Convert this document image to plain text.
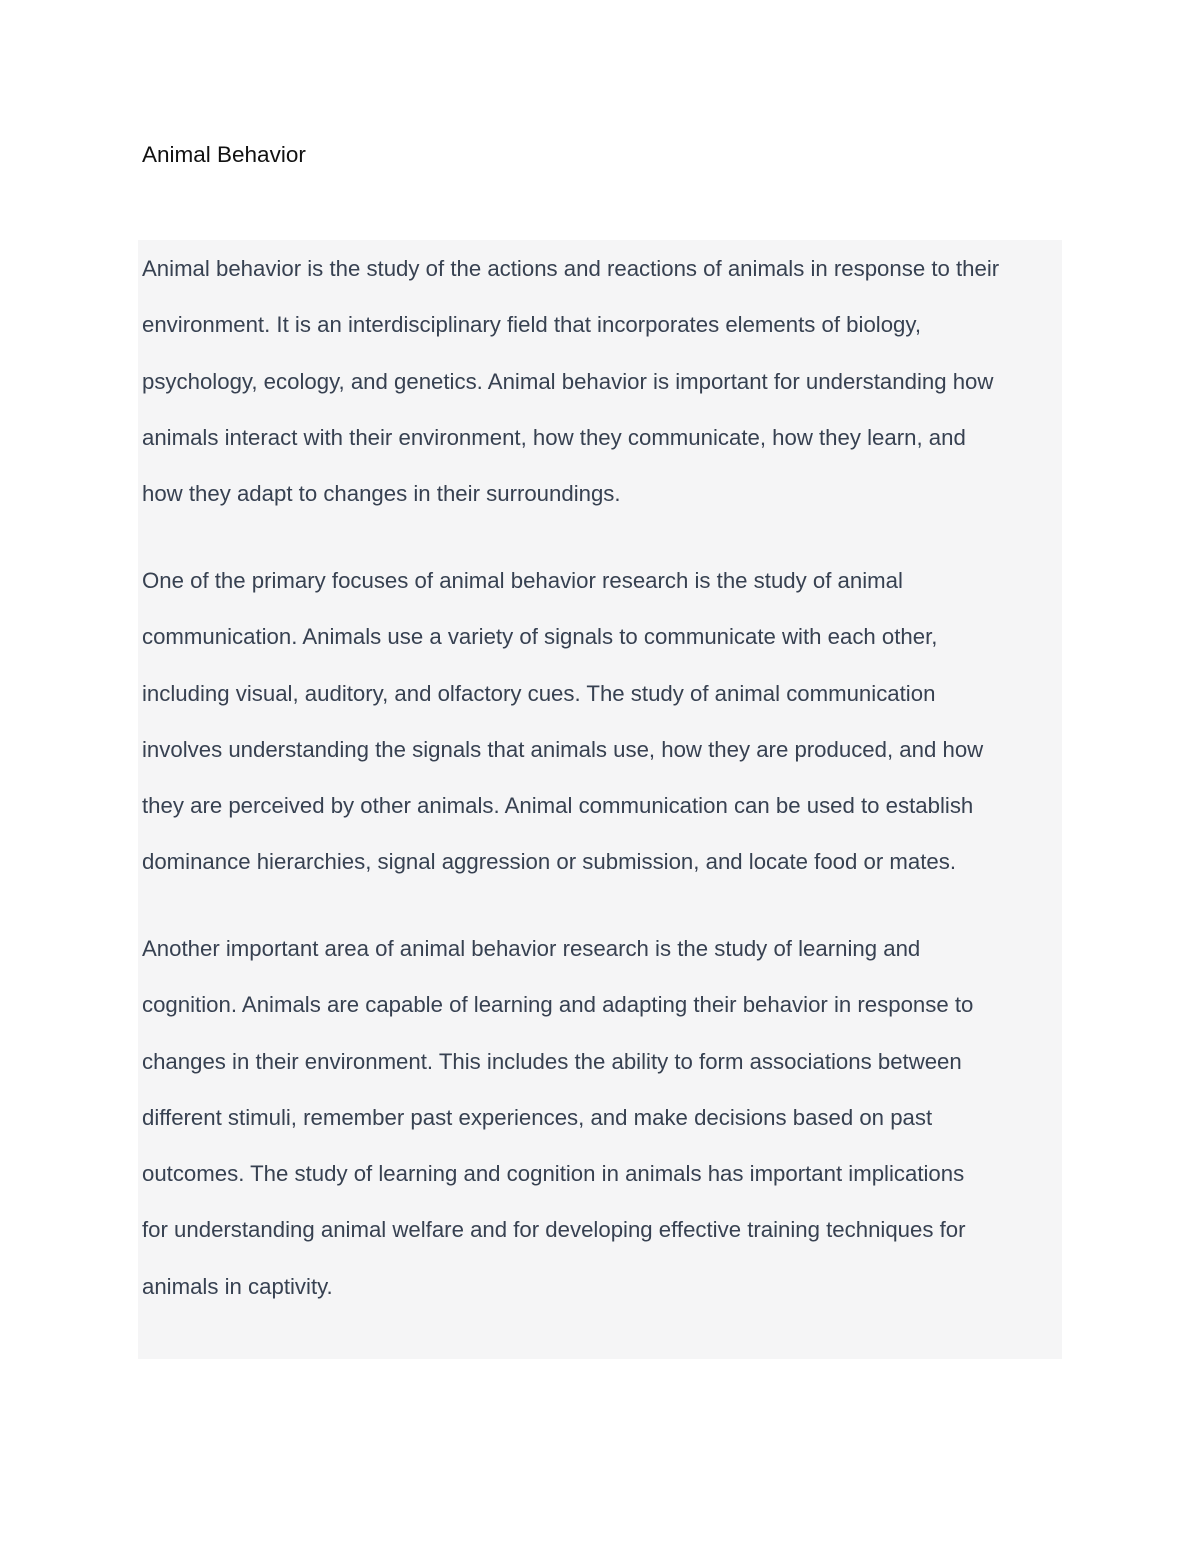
Animal Behavior

Animal behavior is the study of the actions and reactions of animals in response to their
environment. It is an interdisciplinary field that incorporates elements of biology,
psychology, ecology, and genetics. Animal behavior is important for understanding how
animals interact with their environment, how they communicate, how they learn, and
how they adapt to changes in their surroundings.

One of the primary focuses of animal behavior research is the study of animal
communication. Animals use a variety of signals to communicate with each other,
including visual, auditory, and olfactory cues. The study of animal communication
involves understanding the signals that animals use, how they are produced, and how
they are perceived by other animals. Animal communication can be used to establish
dominance hierarchies, signal aggression or submission, and locate food or mates.

Another important area of animal behavior research is the study of learning and
cognition. Animals are capable of learning and adapting their behavior in response to
changes in their environment. This includes the ability to form associations between
different stimuli, remember past experiences, and make decisions based on past
outcomes. The study of learning and cognition in animals has important implications
for understanding animal welfare and for developing effective training techniques for
animals in captivity.
